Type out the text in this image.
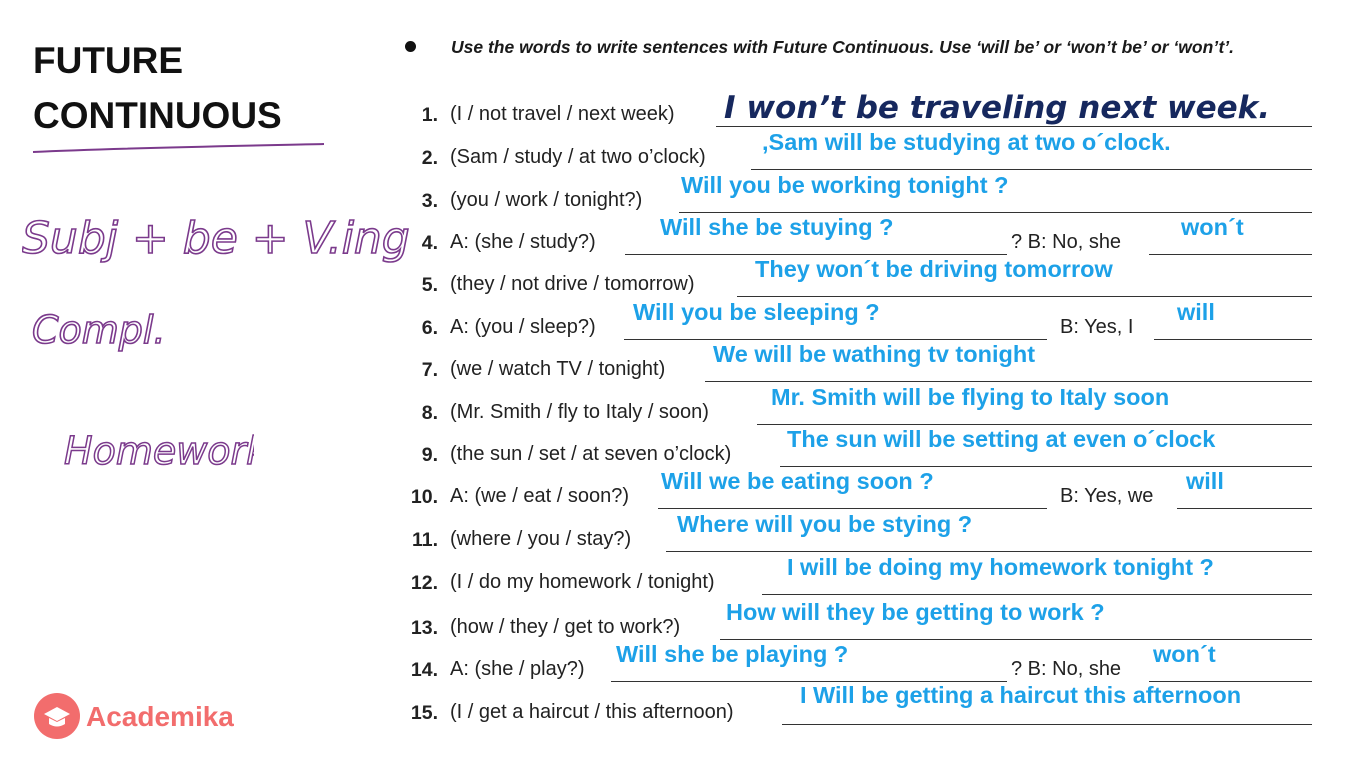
FUTURE
CONTINUOUS
Subj + be + V.ing
Compl.
Homework
Use the words to write sentences with Future Continuous. Use ‘will be’ or ‘won’t be’ or ‘won’t’.
1. (I / not travel / next week) I won’t be traveling next week.
2. (Sam / study / at two o’clock)
,Sam will be studying at two o´clock.
3. (you / work / tonight?)
Will you be working tonight ?
4. A: (she / study?)
Will she be stuying ?
? B: No, she
won´t
5. (they / not drive / tomorrow)
They won´t be driving tomorrow
6. A: (you / sleep?)
Will you be sleeping ?
B: Yes, I
will
7. (we / watch TV / tonight)
We will be wathing tv tonight
8. (Mr. Smith / fly to Italy / soon)
Mr. Smith will be flying to Italy soon
9. (the sun / set / at seven o’clock)
The sun will be setting at even o´clock
10. A: (we / eat / soon?)
Will we be eating soon ?
B: Yes, we
will
11. (where / you / stay?)
Where will you be stying ?
12. (I / do my homework / tonight)
I will be doing my homework tonight ?
13. (how / they / get to work?)
How will they be getting to work ?
14. A: (she / play?)
Will she be playing ?
? B: No, she
won´t
15. (I / get a haircut / this afternoon)
I Will be getting a haircut this afternoon
Academika
